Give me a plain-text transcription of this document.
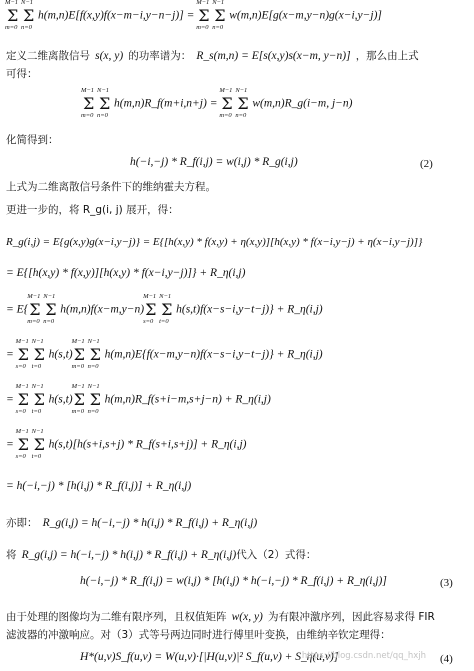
M−1
Σ
m=0
N−1
Σ
n=0
h(m,n)E[f(x,y)f(x−m−i,y−n−j)] =
M−1
Σ
m=0
N−1
Σ
n=0
w(m,n)E[g(x−m,y−n)g(x−i,y−j)]
定义二维离散信号 s(x, y) 的功率谱为： R_s(m,n) = E[s(x,y)s(x−m, y−n)] ，那么由上式
可得：
M−1
Σ
m=0
N−1
Σ
n=0
h(m,n)R_f(m+i,n+j) =
M−1
Σ
m=0
N−1
Σ
n=0
w(m,n)R_g(i−m, j−n)
化简得到：
h(−i,−j) * R_f(i,j) = w(i,j) * R_g(i,j)	(2)
上式为二维离散信号条件下的维纳霍夫方程。
更进一步的，将 R_g(i, j) 展开，得：
R_g(i,j) = E{g(x,y)g(x−i,y−j)} = E{[h(x,y) * f(x,y) + η(x,y)][h(x,y) * f(x−i,y−j) + η(x−i,y−j)]}
= E{[h(x,y) * f(x,y)][h(x,y) * f(x−i,y−j)]} + R_η(i,j)
= E{
M−1
Σ
m=0
N−1
Σ
n=0
h(m,n)f(x−m,y−n)
M−1
Σ
s=0
N−1
Σ
t=0
h(s,t)f(x−s−i,y−t−j)} + R_η(i,j)
=
M−1
Σ
s=0
N−1
Σ
t=0
h(s,t)
M−1
Σ
m=0
N−1
Σ
n=0
h(m,n)E{f(x−m,y−n)f(x−s−i,y−t−j)} + R_η(i,j)
=
M−1
Σ
s=0
N−1
Σ
t=0
h(s,t)
M−1
Σ
m=0
N−1
Σ
n=0
h(m,n)R_f(s+i−m,s+j−n) + R_η(i,j)
=
M−1
Σ
s=0
N−1
Σ
t=0
h(s,t)[h(s+i,s+j) * R_f(s+i,s+j)] + R_η(i,j)
= h(−i,−j) * [h(i,j) * R_f(i,j)] + R_η(i,j)
亦即： R_g(i,j) = h(−i,−j) * h(i,j) * R_f(i,j) + R_η(i,j)
将 R_g(i,j) = h(−i,−j) * h(i,j) * R_f(i,j) + R_η(i,j)代入（2）式得：
h(−i,−j) * R_f(i,j) = w(i,j) * [h(i,j) * h(−i,−j) * R_f(i,j) + R_η(i,j)]	(3)
由于处理的图像均为二维有限序列，且权值矩阵 w(x, y) 为有限冲激序列，因此容易求得 FIR
滤波器的冲激响应。对（3）式等号两边同时进行傅里叶变换，由维纳辛钦定理得：
H*(u,v)S_f(u,v) = W(u,v)·[|H(u,v)|² S_f(u,v) + S_η(u,v)]	(4)
https://blog.csdn.net/qq_hxjh
